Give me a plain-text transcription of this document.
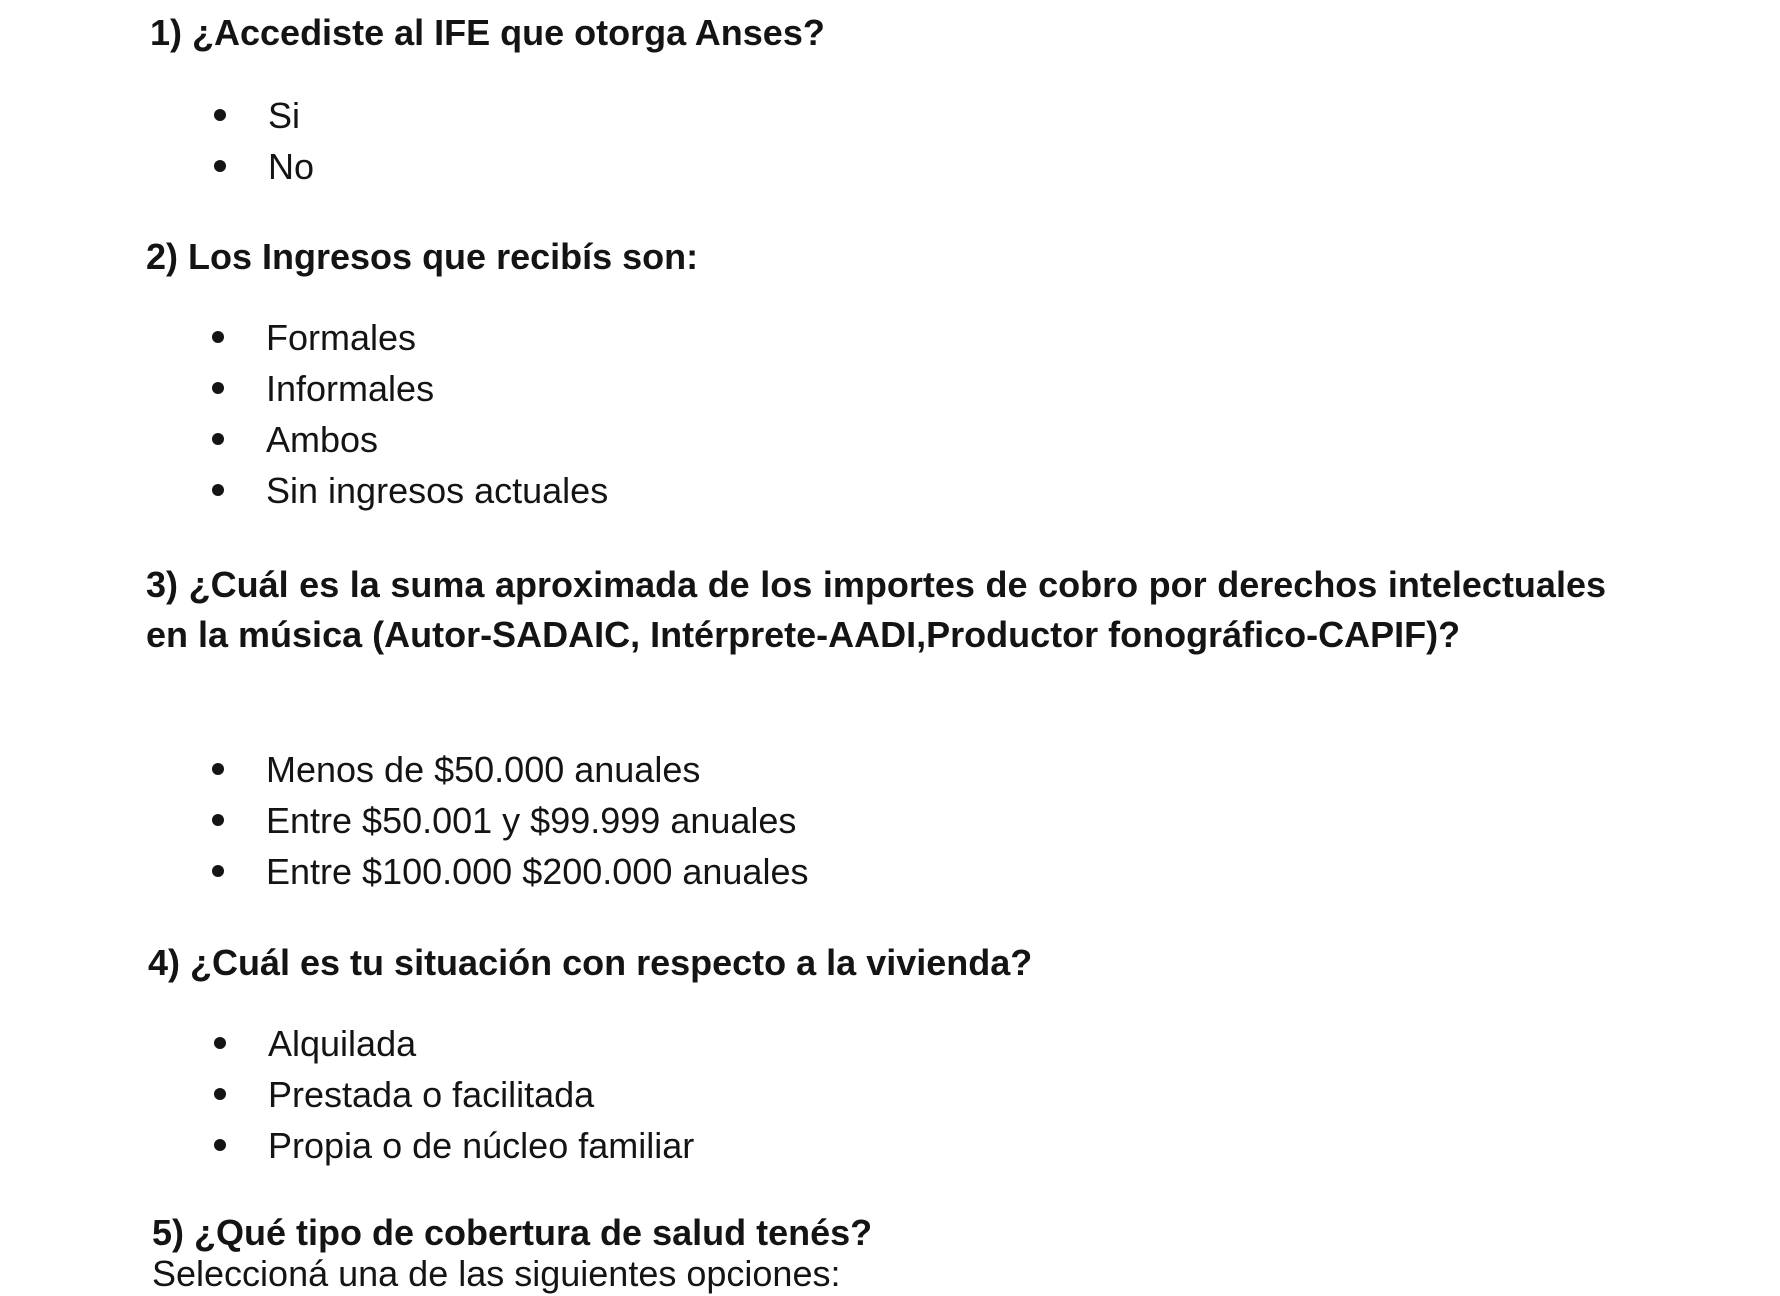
1) ¿Accediste al IFE que otorga Anses?
Si
No
2) Los Ingresos que recibís son:
Formales
Informales
Ambos
Sin ingresos actuales
3) ¿Cuál es la suma aproximada de los importes de cobro por derechos intelectuales en la música (Autor-SADAIC, Intérprete-AADI,Productor fonográfico-CAPIF)?
Menos de $50.000 anuales
Entre $50.001 y $99.999 anuales
Entre $100.000 $200.000 anuales
4) ¿Cuál es tu situación con respecto a la vivienda?
Alquilada
Prestada o facilitada
Propia o de núcleo familiar
5) ¿Qué tipo de cobertura de salud tenés?

Seleccioná una de las siguientes opciones:
